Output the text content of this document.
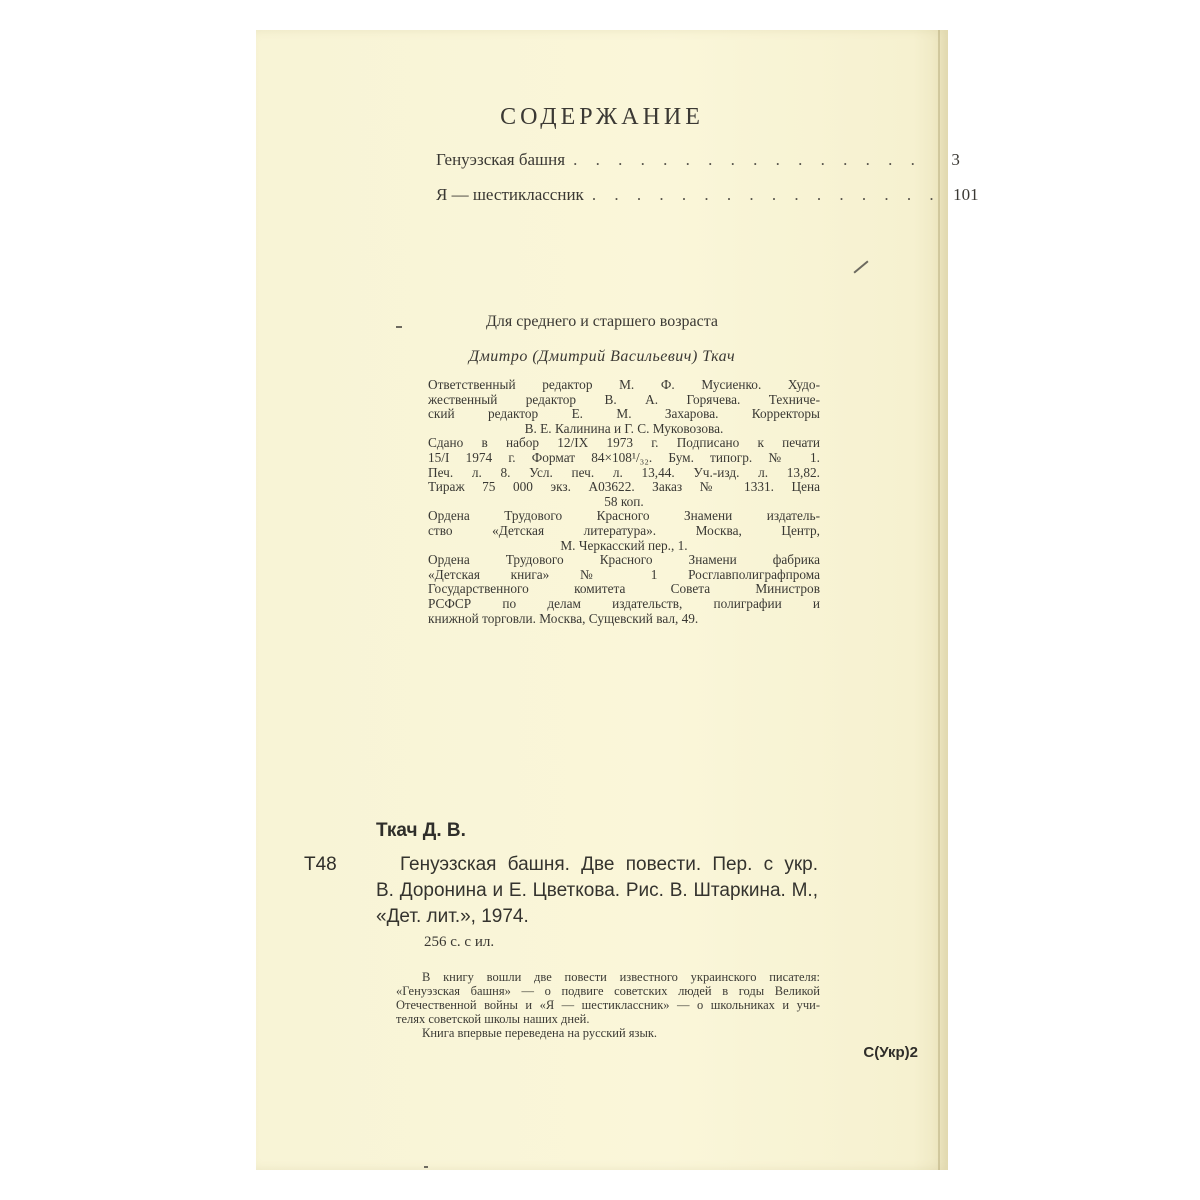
СОДЕРЖАНИЕ
Генуэзская башня . . . . . . . . . . . . . . . .	3
Я — шестиклассник . . . . . . . . . . . . . . . . 101
Для среднего и старшего возраста
Дмитро (Дмитрий Васильевич) Ткач

Ответственный редактор М. Ф. Мусиенко. Худо-

жественный редактор В. А. Горячева. Техниче-

ский редактор Е. М. Захарова. Корректоры

В. Е. Калинина и Г. С. Муковозова.

Сдано в набор 12/IX 1973 г. Подписано к печати

15/I 1974 г. Формат 84×108¹/₃₂. Бум. типогр. № 1.

Печ. л. 8. Усл. печ. л. 13,44. Уч.-изд. л. 13,82.

Тираж 75 000 экз. А03622. Заказ № 1331. Цена

58 коп.

Ордена Трудового Красного Знамени издатель-

ство «Детская литература». Москва, Центр,

М. Черкасский пер., 1.

Ордена Трудового Красного Знамени фабрика

«Детская книга» № 1 Росглавполиграфпрома

Государственного комитета Совета Министров

РСФСР по делам издательств, полиграфии и

книжной торговли. Москва, Сущевский вал, 49.

Ткач Д. В.
Т48	Генуэзская башня. Две повести. Пер. с укр.

В. Доронина и Е. Цветкова. Рис. В. Штаркина. М.,

«Дет. лит.», 1974.

256 с. с ил.

В книгу вошли две повести известного украинского писателя:

«Генуэзская башня» — о подвиге советских людей в годы Великой

Отечественной войны и «Я — шестиклассник» — о школьниках и учи-

телях советской школы наших дней.

Книга впервые переведена на русский язык.

С(Укр)2
